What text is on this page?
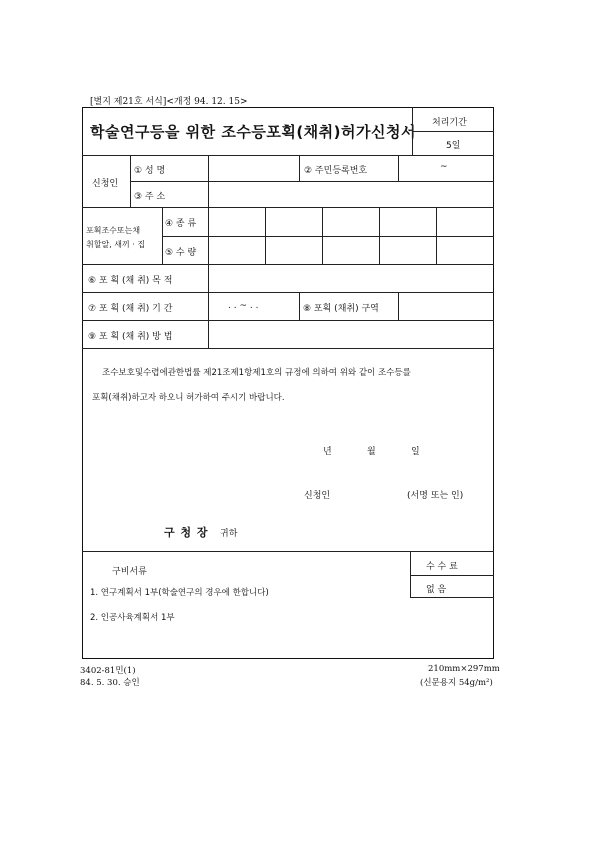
[별지 제21호 서식]<개정 94. 12. 15>
학술연구등을 위한 조수등포획(채취)허가신청서 처리기간
5일
신청인
① 성 명	② 주민등록번호	~
③ 주 소
포획조수또는채
취할알, 새끼 · 집
④ 종 류
⑤ 수 량
⑥ 포 획 (채 취) 목 적
⑦ 포 획 (채 취) 기 간	. . ~ . .	⑧ 포획 (채취) 구역
⑨ 포 획 (채 취) 방 법
조수보호및수렵에관한법률 제21조제1항제1호의 규정에 의하여 위와 같이 조수등를
포획(채취)하고자 하오니 허가하여 주시기 바랍니다.
년	월	일
신청인	(서명 또는 인)
구 청 장 귀하
구비서류
1. 연구계획서 1부(학술연구의 경우에 한합니다)
2. 인공사육계획서 1부
수 수 료
없 음
3402-81민(1)
84. 5. 30. 승인
210mm×297mm
(신문용지 54g/m²)
